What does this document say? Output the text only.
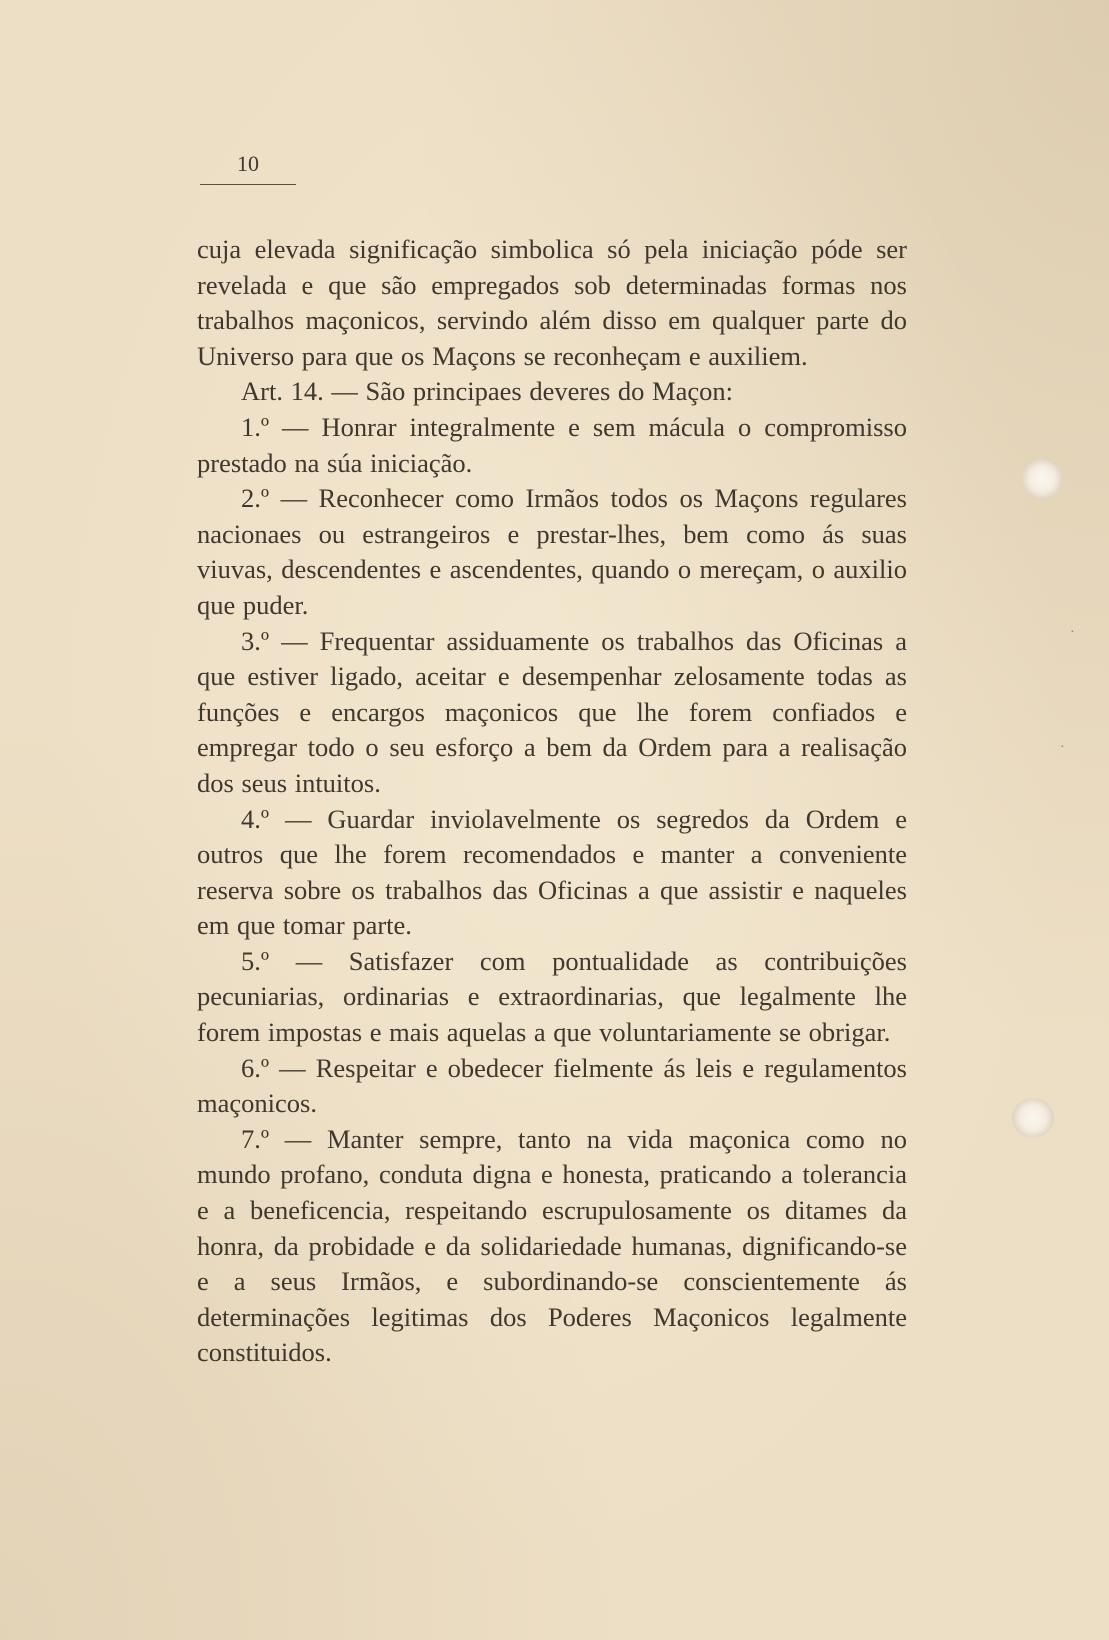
10

cuja elevada significação simbolica só pela iniciação póde ser revelada e que são empregados sob determinadas formas nos trabalhos maçonicos, servindo além disso em qualquer parte do Universo para que os Maçons se reconheçam e auxiliem.

Art. 14. — São principaes deveres do Maçon:

1.º — Honrar integralmente e sem mácula o compromisso prestado na súa iniciação.

2.º — Reconhecer como Irmãos todos os Maçons regulares nacionaes ou estrangeiros e prestar-lhes, bem como ás suas viuvas, descendentes e ascendentes, quando o mereçam, o auxilio que puder.

3.º — Frequentar assiduamente os trabalhos das Oficinas a que estiver ligado, aceitar e desempenhar zelosamente todas as funções e encargos maçonicos que lhe forem confiados e empregar todo o seu esforço a bem da Ordem para a realisação dos seus intuitos.

4.º — Guardar inviolavelmente os segredos da Ordem e outros que lhe forem recomendados e manter a conveniente reserva sobre os trabalhos das Oficinas a que assistir e naqueles em que tomar parte.

5.º — Satisfazer com pontualidade as contribuições pecuniarias, ordinarias e extraordinarias, que legalmente lhe forem impostas e mais aquelas a que voluntariamente se obrigar.

6.º — Respeitar e obedecer fielmente ás leis e regulamentos maçonicos.

7.º — Manter sempre, tanto na vida maçonica como no mundo profano, conduta digna e honesta, praticando a tolerancia e a beneficencia, respeitando escrupulosamente os ditames da honra, da probidade e da solidariedade humanas, dignificando-se e a seus Irmãos, e subordinando-se conscientemente ás determinações legitimas dos Poderes Maçonicos legalmente constituidos.

·
·
